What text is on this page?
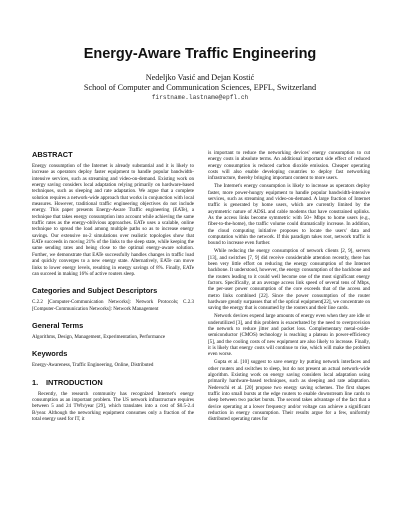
Energy-Aware Traffic Engineering
Nedeljko Vasić and Dejan Kostić
School of Computer and Communication Sciences, EPFL, Switzerland
firstname.lastname@epfl.ch
ABSTRACT

Energy consumption of the Internet is already substantial and it is likely to increase as operators deploy faster equipment to handle popular bandwidth-intensive services, such as streaming and video-on-demand. Existing work on energy saving considers local adaptation relying primarily on hardware-based techniques, such as sleeping and rate adaptation. We argue that a complete solution requires a network-wide approach that works in conjunction with local measures. However, traditional traffic engineering objectives do not include energy. This paper presents Energy-Aware Traffic engineering (EATe), a technique that takes energy consumption into account while achieving the same traffic rates as the energy-oblivious approaches. EATe uses a scalable, online technique to spread the load among multiple paths so as to increase energy savings. Our extensive ns-2 simulations over realistic topologies show that EATe succeeds in moving 21% of the links to the sleep state, while keeping the same sending rates and being close to the optimal energy-aware solution. Further, we demonstrate that EATe successfully handles changes in traffic load and quickly converges to a new energy state. Alternatively, EATe can move links to lower energy levels, resulting in energy savings of 8%. Finally, EATe can succeed in making 16% of active routers sleep.

Categories and Subject Descriptors

C.2.2 [Computer-Communication Networks]: Network Protocols; C.2.3 [Computer-Communication Networks]: Network Management

General Terms

Algorithms, Design, Management, Experimentation, Performance

Keywords

Energy-Awareness, Traffic Engineering, Online, Distributed

1. INTRODUCTION

Recently, the research community has recognized Internet's energy consumption as an important problem. The US network infrastructure requires between 5 and 24 TWh/year [29], which translates into a cost of $0.5-2.4 B/year. Although the networking equipment consumes only a fraction of the total energy used for IT, it

is important to reduce the networking devices' energy consumption to cut energy costs in absolute terms. An additional important side effect of reduced energy consumption is reduced carbon dioxide emission. Cheaper operating costs will also enable developing countries to deploy fast networking infrastructure, thereby bringing important content to more users.

The Internet's energy consumption is likely to increase as operators deploy faster, more power-hungry equipment to handle popular bandwidth-intensive services, such as streaming and video-on-demand. A large fraction of Internet traffic is generated by home users, which are currently limited by the asymmetric nature of ADSL and cable modems that have constrained uplinks. As the access links become symmetric with 50+ Mbps to home users (e.g., fiber-to-the-home), the traffic volume could dramatically increase. In addition, the cloud computing initiative proposes to locate the users' data and computation within the network. If this paradigm takes root, network traffic is bound to increase even further.

While reducing the energy consumption of network clients [2, 9], servers [13], and switches [7, 9] did receive considerable attention recently, there has been very little effort on reducing the energy consumption of the Internet backbone. It understood, however, the energy consumption of the backbone and the routers leading to it could well become one of the most significant energy factors. Specifically, at an average access link speed of several tens of Mbps, the per-user power consumption of the core exceeds that of the access and metro links combined [22]. Since the power consumption of the router hardware greatly surpasses that of the optical equipment[22], we concentrate on saving the energy that is consumed by the routers and their line cards.

Network devices expend large amounts of energy even when they are idle or underutilized [3], and this problem is exacerbated by the need to overprovision the network to reduce jitter and packet loss. Complementary metal-oxide-semiconductor (CMOS) technology is reaching a plateau in power-efficiency [5], and the cooling costs of new equipment are also likely to increase. Finally, it is likely that energy costs will continue to rise, which will make the problem even worse.

Gupta et al. [10] suggest to save energy by putting network interfaces and other routers and switches to sleep, but do not present an actual network-wide algorithm. Existing work on energy saving considers local adaptation using primarily hardware-based techniques, such as sleeping and rate adaptation. Nedevschi et al. [20] propose two energy saving schemes. The first shapes traffic into small bursts at the edge routers to enable downstream line cards to sleep between two packet bursts. The second takes advantage of the fact that a device operating at a lower frequency and/or voltage can achieve a significant reduction in energy consumption. Their results argue for a few, uniformly distributed operating rates for
